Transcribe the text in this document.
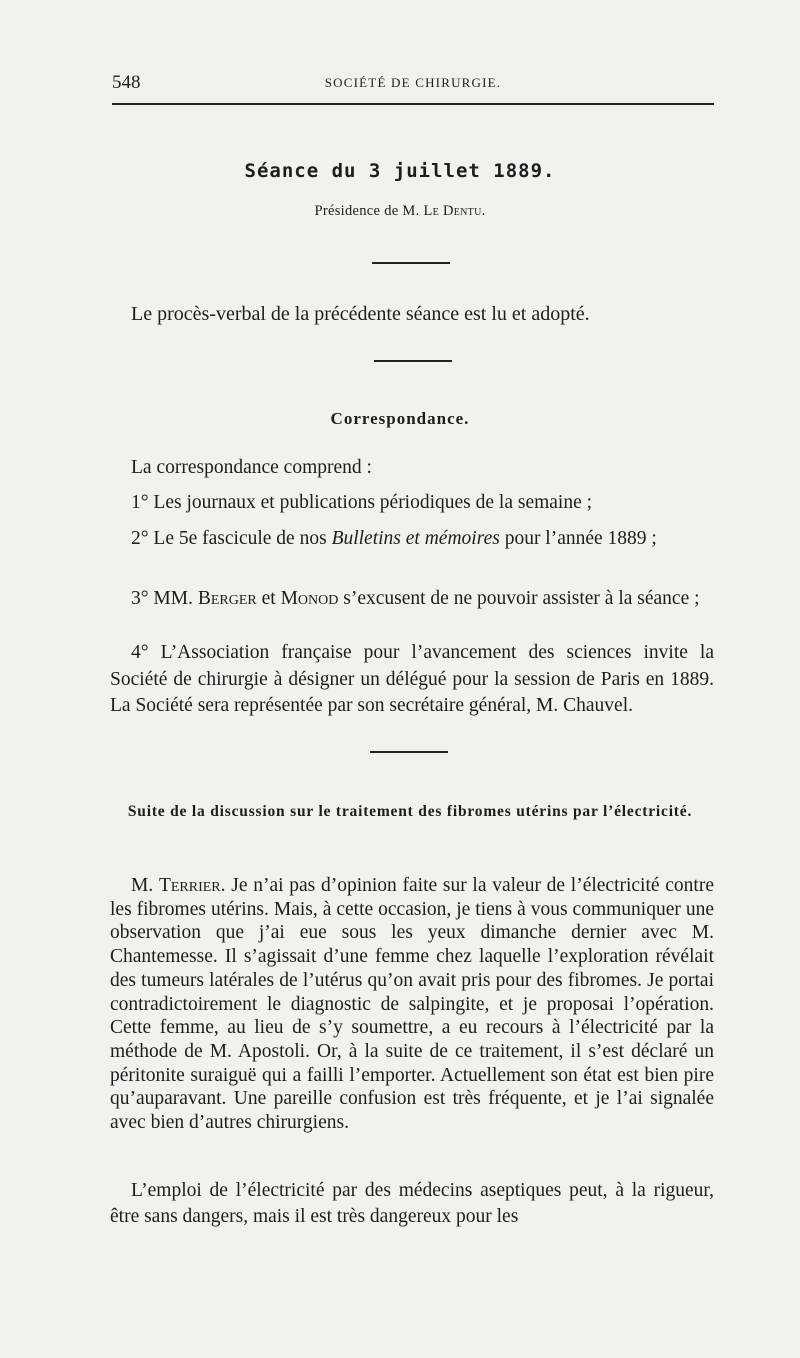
548	SOCIÉTÉ DE CHIRURGIE.
Séance du 3 juillet 1889.
Présidence de M. Le Dentu.

Le procès-verbal de la précédente séance est lu et adopté.

Correspondance.

La correspondance comprend :

1° Les journaux et publications périodiques de la semaine ;

2° Le 5e fascicule de nos Bulletins et mémoires pour l’année 1889 ;

3° MM. Berger et Monod s’excusent de ne pouvoir assister à la séance ;

4° L’Association française pour l’avancement des sciences invite la Société de chirurgie à désigner un délégué pour la session de Paris en 1889. La Société sera représentée par son secrétaire général, M. Chauvel.

Suite de la discussion sur le traitement des fibromes utérins par l’électricité.

M. Terrier. Je n’ai pas d’opinion faite sur la valeur de l’électricité contre les fibromes utérins. Mais, à cette occasion, je tiens à vous communiquer une observation que j’ai eue sous les yeux dimanche dernier avec M. Chantemesse. Il s’agissait d’une femme chez laquelle l’exploration révélait des tumeurs latérales de l’utérus qu’on avait pris pour des fibromes. Je portai contradictoirement le diagnostic de salpingite, et je proposai l’opération. Cette femme, au lieu de s’y soumettre, a eu recours à l’électricité par la méthode de M. Apostoli. Or, à la suite de ce traitement, il s’est déclaré un péritonite suraiguë qui a failli l’emporter. Actuellement son état est bien pire qu’auparavant. Une pareille confusion est très fréquente, et je l’ai signalée avec bien d’autres chirurgiens.

L’emploi de l’électricité par des médecins aseptiques peut, à la rigueur, être sans dangers, mais il est très dangereux pour les
